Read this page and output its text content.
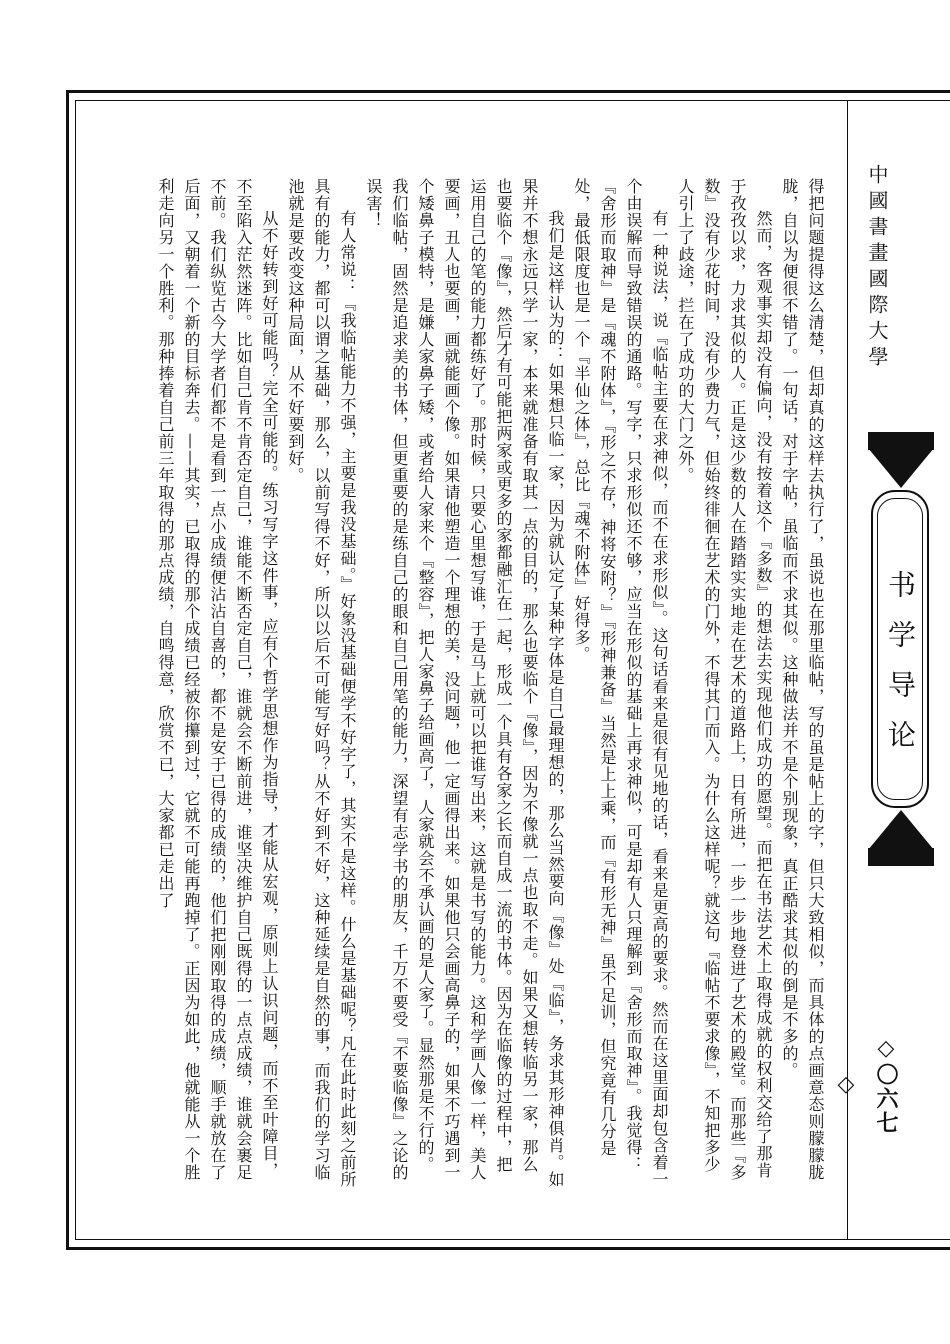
得把问题提得这么清楚，但却真的这样去执行了，虽说也在那里临帖，写的虽是帖上的字，但只大致相似，而具体的点画意态则朦朦胧胧，自以为便很不错了。一句话，对于字帖，虽临而不求其似。这种做法并不是个别现象，真正酷求其似的倒是不多的。

然而，客观事实却没有偏向，没有按着这个『多数』的想法去实现他们成功的愿望。而把在书法艺术上取得成就的权利交给了那肯于孜孜以求，力求其似的人。正是这少数的人在踏踏实实地走在艺术的道路上，日有所进，一步一步地登进了艺术的殿堂。而那些『多数』没有少花时间，没有少费力气，但始终徘徊在艺术的门外，不得其门而入。为什么这样呢？就这句『临帖不要求像』，不知把多少人引上了歧途，拦在了成功的大门之外。

有一种说法，说『临帖主要在求神似，而不在求形似』。这句话看来是很有见地的话，看来是更高的要求。然而在这里面却包含着一个由误解而导致错误的通路。写字，只求形似还不够，应当在形似的基础上再求神似，可是却有人只理解到『舍形而取神』。我觉得：『舍形而取神』是『魂不附体』，『形之不存，神将安附？』『形神兼备』当然是上上乘，而『有形无神』虽不足训，但究竟有几分是处，最低限度也是一个『半仙之体』，总比『魂不附体』好得多。

我们是这样认为的：如果想只临一家，因为就认定了某种字体是自己最理想的，那么当然要向『像』处『临』，务求其形神俱肖。如果并不想永远只学一家，本来就准备有取其一点的目的，那么也要临个『像』，因为不像就一点也取不走。如果又想转临另一家，那么也要临个『像』，然后才有可能把两家或更多的家都融汇在一起，形成一个具有各家之长而自成一流的书体。因为在临像的过程中，把运用自己的笔的能力都练好了。那时候，只要心里想写谁，于是马上就可以把谁写出来，这就是书写的能力。这和学画人像一样，美人要画，丑人也要画，画就能画个像。如果请他塑造一个理想的美，没问题，他一定画得出来。如果他只会画高鼻子的，如果不巧遇到一个矮鼻子模特，是嫌人家鼻子矮，或者给人家来个『整容』，把人家鼻子给画高了，人家就会不承认画的是人家了。显然那是不行的。我们临帖，固然是追求美的书体，但更重要的是练自己的眼和自己用笔的能力，深望有志学书的朋友，千万不要受『不要临像』之论的误害！

有人常说：『我临帖能力不强，主要是我没基础。』好象没基础便学不好字了，其实不是这样。什么是基础呢？凡在此时此刻之前所具有的能力，都可以谓之基础，那么，以前写得不好，所以以后不可能写好吗？从不好到不好，这种延续是自然的事，而我们的学习临池就是要改变这种局面，从不好要到好。

从不好转到好可能吗？完全可能的。练习写字这件事，应有个哲学思想作为指导，才能从宏观，原则上认识问题，而不至叶障目，不至陷入茫然迷阵。比如自己肯不肯否定自己，谁能不断否定自己，谁就会不断前进，谁坚决维护自己既得的一点点成绩，谁就会裹足不前。我们纵览古今大学者们都不是看到一点小成绩便沾沾自喜的，都不是安于已得的成绩的，他们把刚刚取得的成绩，顺手就放在了后面，又朝着一个新的目标奔去。——其实，已取得的那个成绩已经被你攥到过，它就不可能再跑掉了。正因为如此，他就能从一个胜利走向另一个胜利。那种捧着自己前三年取得的那点成绩，自鸣得意，欣赏不已，大家都已走出了	中國書畫國際大學
书学导论
◇〇六七◇
